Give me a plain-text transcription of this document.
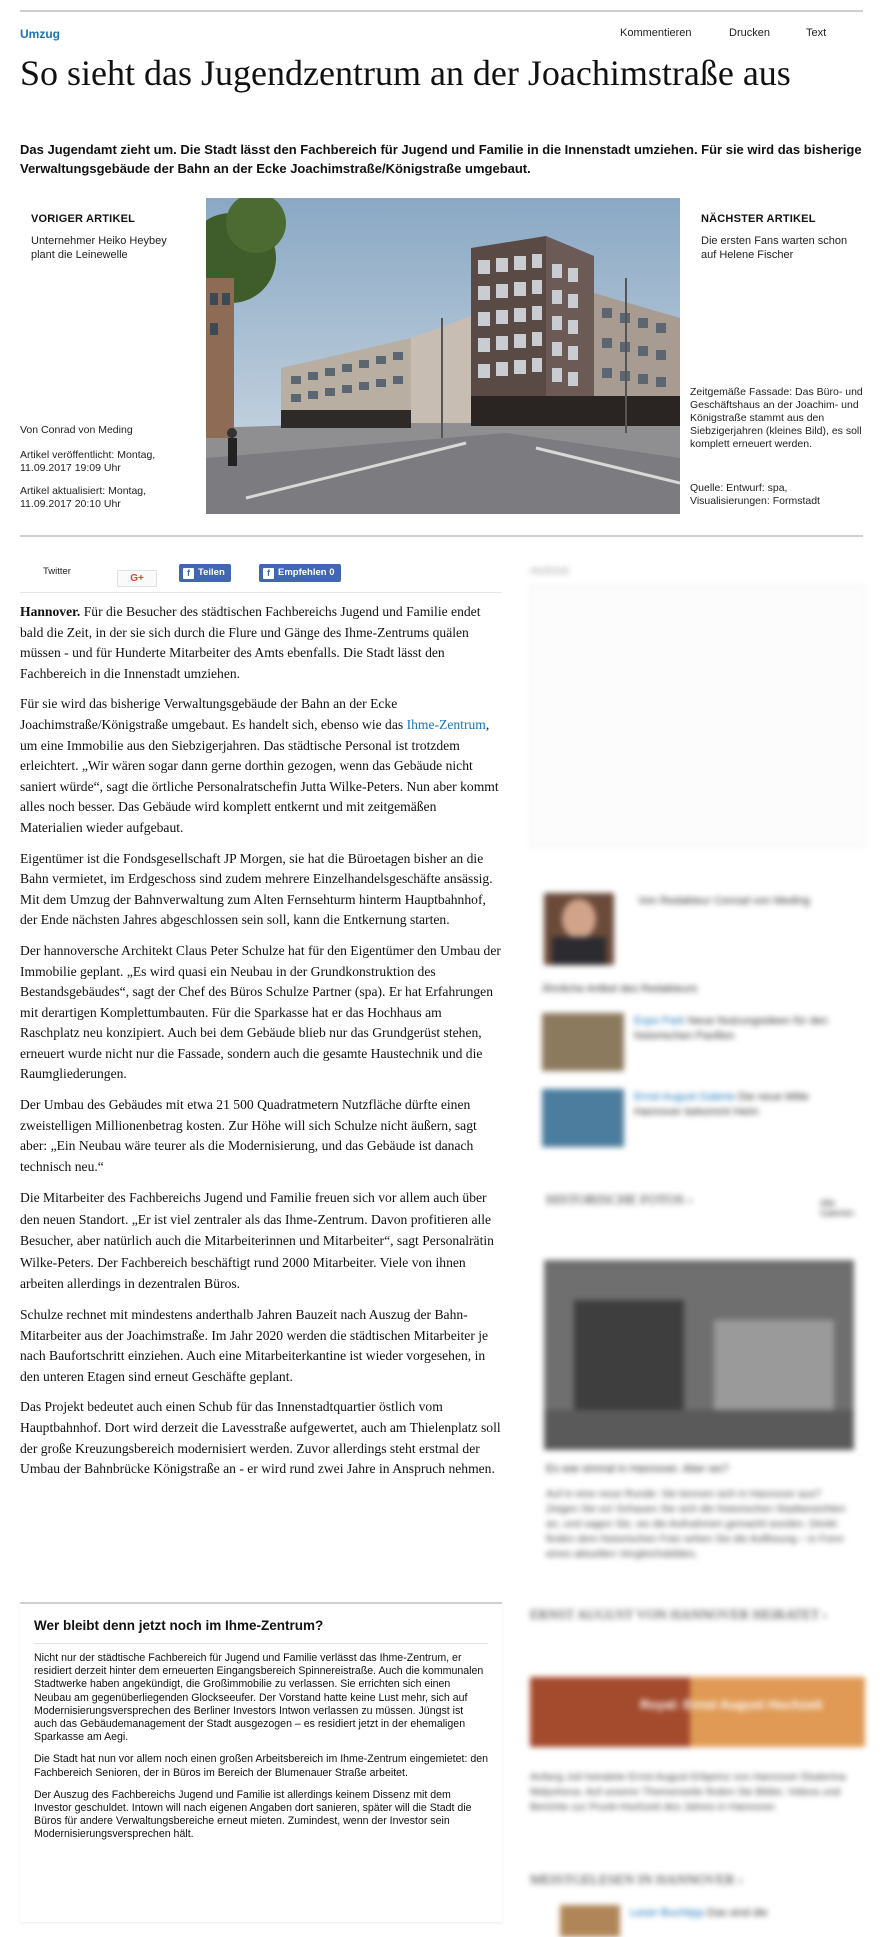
Umzug	Kommentieren	Drucken	Text
So sieht das Jugendzentrum an der Joachimstraße aus
Das Jugendamt zieht um. Die Stadt lässt den Fachbereich für Jugend und Familie in die Innenstadt umziehen. Für sie wird das bisherige Verwaltungsgebäude der Bahn an der Ecke Joachimstraße/Königstraße umgebaut.
VORIGER ARTIKEL
Unternehmer Heiko Heybey plant die Leinewelle
Von Conrad von Meding
Artikel veröffentlicht: Montag, 11.09.2017 19:09 Uhr
Artikel aktualisiert: Montag, 11.09.2017 20:10 Uhr
NÄCHSTER ARTIKEL
Die ersten Fans warten schon auf Helene Fischer
Zeitgemäße Fassade: Das Büro- und Geschäftshaus an der Joachim- und Königstraße stammt aus den Siebzigerjahren (kleines Bild), es soll komplett erneuert werden.
Quelle: Entwurf: spa, Visualisierungen: Formstadt
Twitter
G+
f Teilen	f Empfehlen 0

Hannover. Für die Besucher des städtischen Fachbereichs Jugend und Familie endet bald die Zeit, in der sie sich durch die Flure und Gänge des Ihme-Zentrums quälen müssen - und für Hunderte Mitarbeiter des Amts ebenfalls. Die Stadt lässt den Fachbereich in die Innenstadt umziehen.

Für sie wird das bisherige Verwaltungsgebäude der Bahn an der Ecke Joachimstraße/Königstraße umgebaut. Es handelt sich, ebenso wie das Ihme-Zentrum, um eine Immobilie aus den Siebzigerjahren. Das städtische Personal ist trotzdem erleichtert. „Wir wären sogar dann gerne dorthin gezogen, wenn das Gebäude nicht saniert würde“, sagt die örtliche Personalratschefin Jutta Wilke-Peters. Nun aber kommt alles noch besser. Das Gebäude wird komplett entkernt und mit zeitgemäßen Materialien wieder aufgebaut.

Eigentümer ist die Fondsgesellschaft JP Morgen, sie hat die Büroetagen bisher an die Bahn vermietet, im Erdgeschoss sind zudem mehrere Einzelhandelsgeschäfte ansässig. Mit dem Umzug der Bahnverwaltung zum Alten Fernsehturm hinterm Hauptbahnhof, der Ende nächsten Jahres abgeschlossen sein soll, kann die Entkernung starten.

Der hannoversche Architekt Claus Peter Schulze hat für den Eigentümer den Umbau der Immobilie geplant. „Es wird quasi ein Neubau in der Grundkonstruktion des Bestandsgebäudes“, sagt der Chef des Büros Schulze Partner (spa). Er hat Erfahrungen mit derartigen Komplettumbauten. Für die Sparkasse hat er das Hochhaus am Raschplatz neu konzipiert. Auch bei dem Gebäude blieb nur das Grundgerüst stehen, erneuert wurde nicht nur die Fassade, sondern auch die gesamte Haustechnik und die Raumgliederungen.

Der Umbau des Gebäudes mit etwa 21 500 Quadratmetern Nutzfläche dürfte einen zweistelligen Millionenbetrag kosten. Zur Höhe will sich Schulze nicht äußern, sagt aber: „Ein Neubau wäre teurer als die Modernisierung, und das Gebäude ist danach technisch neu.“

Die Mitarbeiter des Fachbereichs Jugend und Familie freuen sich vor allem auch über den neuen Standort. „Er ist viel zentraler als das Ihme-Zentrum. Davon profitieren alle Besucher, aber natürlich auch die Mitarbeiterinnen und Mitarbeiter“, sagt Personalrätin Wilke-Peters. Der Fachbereich beschäftigt rund 2000 Mitarbeiter. Viele von ihnen arbeiten allerdings in dezentralen Büros.

Schulze rechnet mit mindestens anderthalb Jahren Bauzeit nach Auszug der Bahn-Mitarbeiter aus der Joachimstraße. Im Jahr 2020 werden die städtischen Mitarbeiter je nach Baufortschritt einziehen. Auch eine Mitarbeiterkantine ist wieder vorgesehen, in den unteren Etagen sind erneut Geschäfte geplant.

Das Projekt bedeutet auch einen Schub für das Innenstadtquartier östlich vom Hauptbahnhof. Dort wird derzeit die Lavesstraße aufgewertet, auch am Thielenplatz soll der große Kreuzungsbereich modernisiert werden. Zuvor allerdings steht erstmal der Umbau der Bahnbrücke Königstraße an - er wird rund zwei Jahre in Anspruch nehmen.

Wer bleibt denn jetzt noch im Ihme-Zentrum?

Nicht nur der städtische Fachbereich für Jugend und Familie verlässt das Ihme-Zentrum, er residiert derzeit hinter dem erneuerten Eingangsbereich Spinnereistraße. Auch die kommunalen Stadtwerke haben angekündigt, die Großimmobilie zu verlassen. Sie errichten sich einen Neubau am gegenüberliegenden Glockseeufer. Der Vorstand hatte keine Lust mehr, sich auf Modernisierungsversprechen des Berliner Investors Intwon verlassen zu müssen. Jüngst ist auch das Gebäudemanagement der Stadt ausgezogen – es residiert jetzt in der ehemaligen Sparkasse am Aegi.

Die Stadt hat nun vor allem noch einen großen Arbeitsbereich im Ihme-Zentrum eingemietet: den Fachbereich Senioren, der in Büros im Bereich der Blumenauer Straße arbeitet.

Der Auszug des Fachbereichs Jugend und Familie ist allerdings keinem Dissenz mit dem Investor geschuldet. Intown will nach eigenen Angaben dort sanieren, später will die Stadt die Büros für andere Verwaltungsbereiche erneut mieten. Zumindest, wenn der Investor sein Modernisierungsversprechen hält.

ANZEIGE
Von Redakteur Conrad von Meding
Ähnliche Artikel des Redakteurs
Expo Park Neue Nutzungsideen für den historischen Pavillon
Ernst August Galerie Die neue Mitte Hannover bekommt Heim
HISTORISCHE FOTOS ›	Alle Galerien
Es war einmal in Hannover. Aber wo?
Auf in eine neue Runde: Sie kennen sich in Hannover aus? Zeigen Sie es! Schauen Sie sich die historischen Stadtansichten an, und sagen Sie, wo die Aufnahmen gemacht wurden. Direkt finden dem historischen Foto sehen Sie die Auflösung – in Form eines aktuellen Vergleichsbildes.
ERNST AUGUST VON HANNOVER HEIRATET ›
Royal: Ernst August Hochzeit
Anfang Juli heiratete Ernst August Erbprinz von Hannover Ekaterina Malysheva. Auf unserer Themenseite finden Sie Bilder, Videos und Berichte zur Prunk-Hochzeit des Jahres in Hannover.
MEISTGELESEN IN HANNOVER ›
Leser-Buchtipp Das sind die
